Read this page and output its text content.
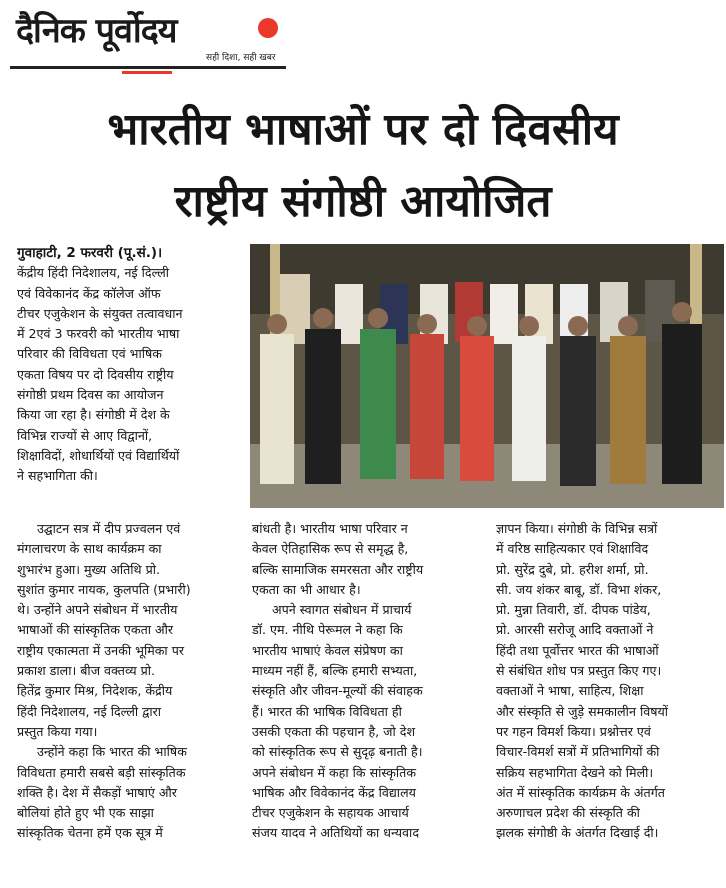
दैनिक पूर्वोदय
सही दिशा, सही खबर
भारतीय भाषाओं पर दो दिवसीय
राष्ट्रीय संगोष्ठी आयोजित
गुवाहाटी, 2 फरवरी (पू.सं.)।
केंद्रीय हिंदी निदेशालय, नई दिल्ली
एवं विवेकानंद केंद्र कॉलेज ऑफ
टीचर एजुकेशन के संयुक्त तत्वावधान
में 2एवं 3 फरवरी को भारतीय भाषा
परिवार की विविधता एवं भाषिक
एकता विषय पर दो दिवसीय राष्ट्रीय
संगोष्ठी प्रथम दिवस का आयोजन
किया जा रहा है। संगोष्ठी में देश के
विभिन्न राज्यों से आए विद्वानों,
शिक्षाविदों, शोधार्थियों एवं विद्यार्थियों
ने सहभागिता की।
उद्घाटन सत्र में दीप प्रज्वलन एवं
मंगलाचरण के साथ कार्यक्रम का
शुभारंभ हुआ। मुख्य अतिथि प्रो.
सुशांत कुमार नायक, कुलपति (प्रभारी)
थे। उन्होंने अपने संबोधन में भारतीय
भाषाओं की सांस्कृतिक एकता और
राष्ट्रीय एकात्मता में उनकी भूमिका पर
प्रकाश डाला। बीज वक्तव्य प्रो.
हितेंद्र कुमार मिश्र, निदेशक, केंद्रीय
हिंदी निदेशालय, नई दिल्ली द्वारा
प्रस्तुत किया गया।
उन्होंने कहा कि भारत की भाषिक
विविधता हमारी सबसे बड़ी सांस्कृतिक
शक्ति है। देश में सैकड़ों भाषाएं और
बोलियां होते हुए भी एक साझा
सांस्कृतिक चेतना हमें एक सूत्र में
बांधती है। भारतीय भाषा परिवार न
केवल ऐतिहासिक रूप से समृद्ध है,
बल्कि सामाजिक समरसता और राष्ट्रीय
एकता का भी आधार है।
अपने स्वागत संबोधन में प्राचार्य
डॉ. एम. नीथि पेरूमल ने कहा कि
भारतीय भाषाएं केवल संप्रेषण का
माध्यम नहीं हैं, बल्कि हमारी सभ्यता,
संस्कृति और जीवन-मूल्यों की संवाहक
हैं। भारत की भाषिक विविधता ही
उसकी एकता की पहचान है, जो देश
को सांस्कृतिक रूप से सुदृढ़ बनाती है।
अपने संबोधन में कहा कि सांस्कृतिक
भाषिक और विवेकानंद केंद्र विद्यालय
टीचर एजुकेशन के सहायक आचार्य
संजय यादव ने अतिथियों का धन्यवाद
ज्ञापन किया। संगोष्ठी के विभिन्न सत्रों
में वरिष्ठ साहित्यकार एवं शिक्षाविद
प्रो. सुरेंद्र दुबे, प्रो. हरीश शर्मा, प्रो.
सी. जय शंकर बाबू, डॉ. विभा शंकर,
प्रो. मुन्ना तिवारी, डॉ. दीपक पांडेय,
प्रो. आरसी सरोजू आदि वक्ताओं ने
हिंदी तथा पूर्वोत्तर भारत की भाषाओं
से संबंधित शोध पत्र प्रस्तुत किए गए।
वक्ताओं ने भाषा, साहित्य, शिक्षा
और संस्कृति से जुड़े समकालीन विषयों
पर गहन विमर्श किया। प्रश्नोत्तर एवं
विचार-विमर्श सत्रों में प्रतिभागियों की
सक्रिय सहभागिता देखने को मिली।
अंत में सांस्कृतिक कार्यक्रम के अंतर्गत
अरुणाचल प्रदेश की संस्कृति की
झलक संगोष्ठी के अंतर्गत दिखाई दी।
